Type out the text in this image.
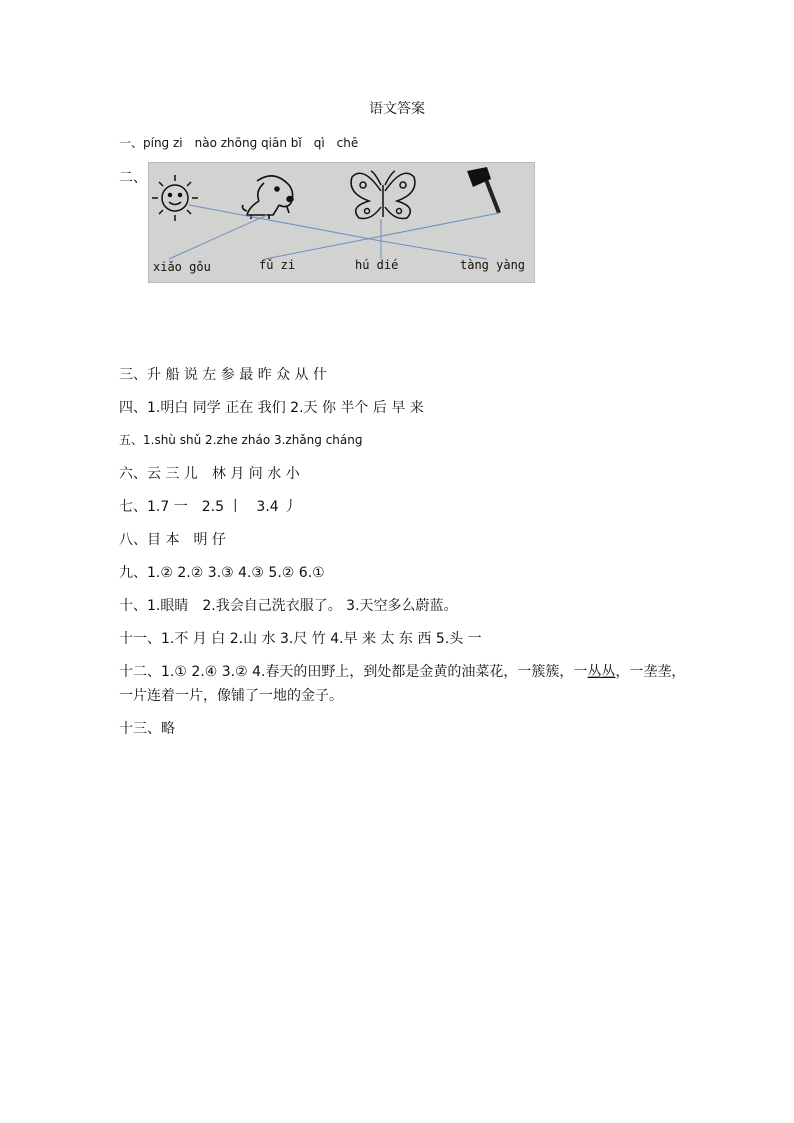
语文答案
一、pínɡ zi　nào zhōnɡ qiān bǐ　qì　chē
二、
xiǎo gǒu	fǔ zi	hú dié	tàng yàng
三、升 船 说 左 参 最 昨 众 从 什
四、1.明白 同学 正在 我们 2.天 你 半个 后 早 来
五、1.shù shǔ 2.zhe zháo 3.zhǎnɡ chánɡ
六、云 三 儿　林 月 问 水 小
七、1.7 一　2.5 丨　3.4 丿
八、目 本　明 仔
九、1.② 2.② 3.③ 4.③ 5.② 6.①
十、1.眼睛　2.我会自己洗衣服了。 3.天空多么蔚蓝。
十一、1.不 月 白 2.山 水 3.尺 竹 4.早 来 太 东 西 5.头 一
十二、1.① 2.④ 3.② 4.春天的田野上，到处都是金黄的油菜花，一簇簇，一丛丛，一垄垄，
一片连着一片，像铺了一地的金子。
十三、略
